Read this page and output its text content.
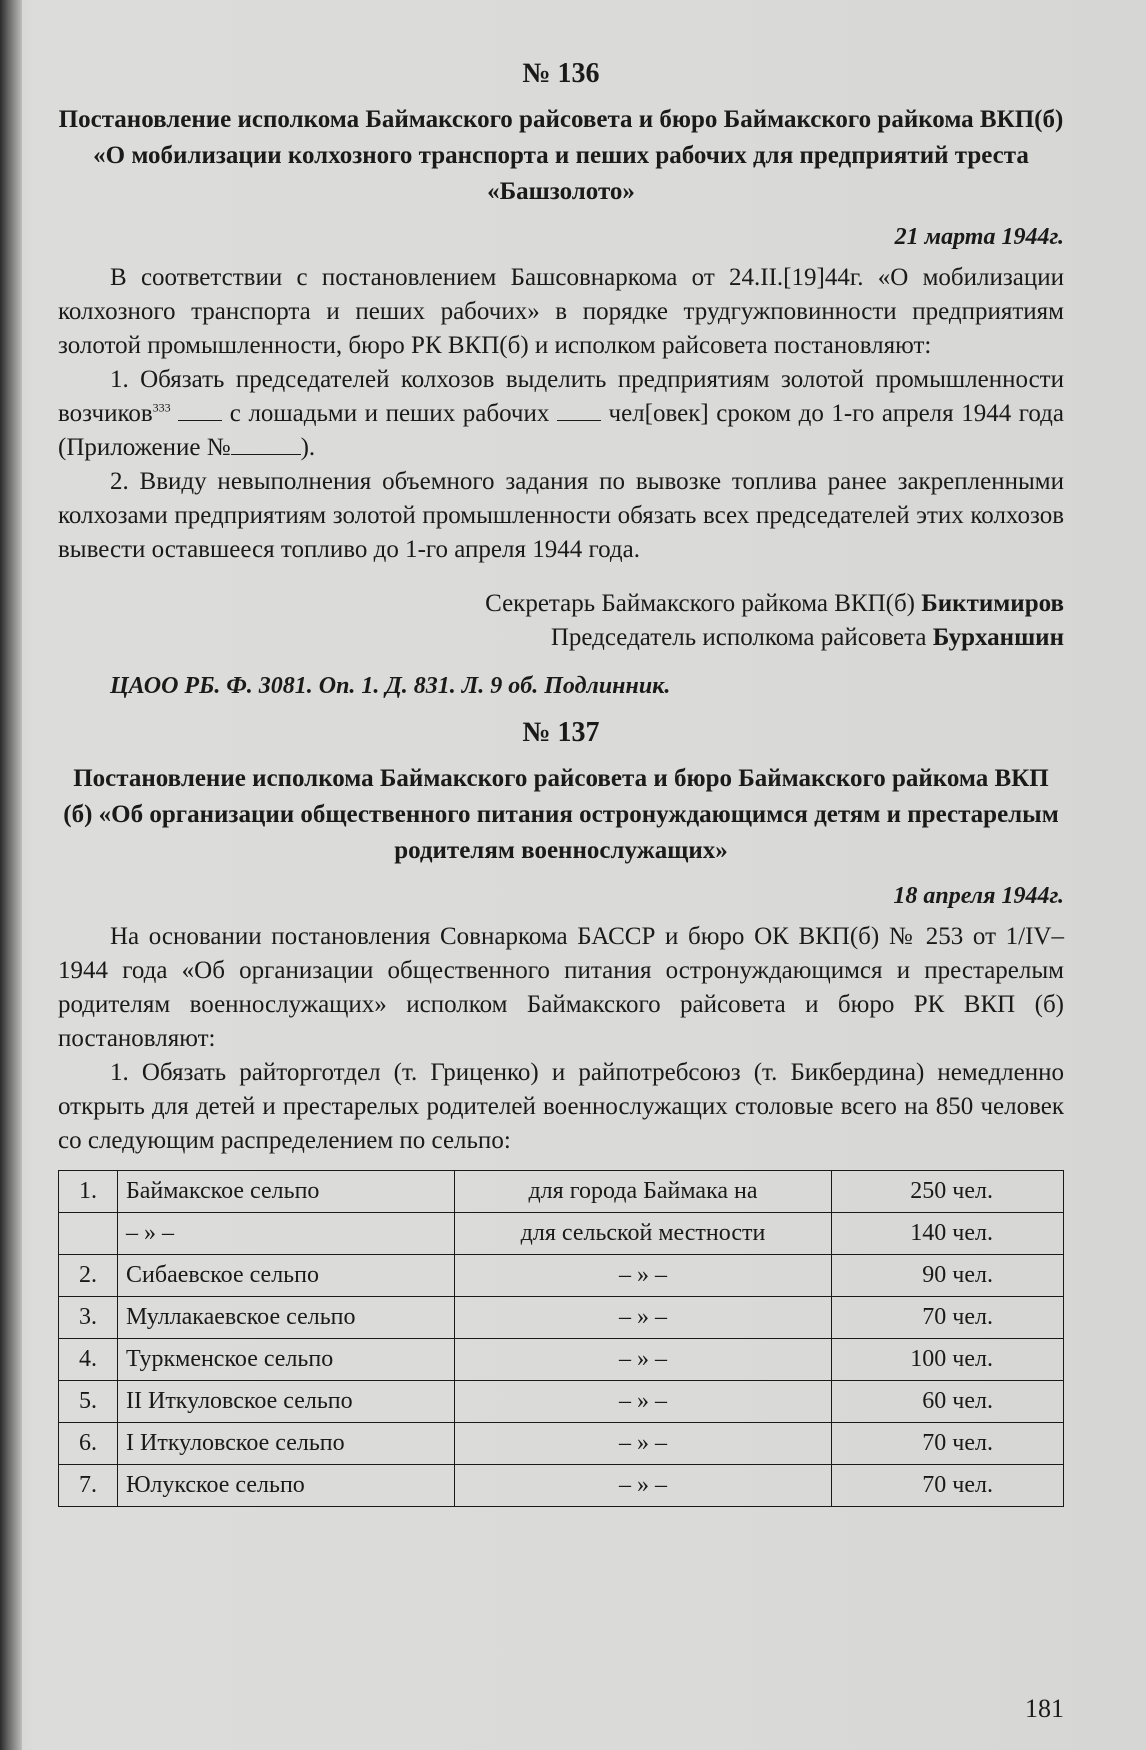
№ 136
Постановление исполкома Баймакского райсовета и бюро Баймакского райкома ВКП(б) «О мобилизации колхозного транспорта и пеших рабочих для предприятий треста «Башзолото»
21 марта 1944г.

В соответствии с постановлением Башсовнаркома от 24.II.[19]44г. «О мобилизации колхозного транспорта и пеших рабочих» в порядке трудгужповинности предприятиям золотой промышленности, бюро РК ВКП(б) и исполком райсовета постановляют:

1. Обязать председателей колхозов выделить предприятиям золотой промышленности возчиков$^{333}$ с лошадьми и пеших рабочих чел[овек] сроком до 1-го апреля 1944 года (Приложение №	).

2. Ввиду невыполнения объемного задания по вывозке топлива ранее закрепленными колхозами предприятиям золотой промышленности обязать всех председателей этих колхозов вывести оставшееся топливо до 1-го апреля 1944 года.

Секретарь Баймакского райкома ВКП(б) Биктимиров
Председатель исполкома райсовета Бурханшин
ЦАОО РБ. Ф. 3081. Оп. 1. Д. 831. Л. 9 об. Подлинник.
№ 137
Постановление исполкома Баймакского райсовета и бюро Баймакского райкома ВКП (б) «Об организации общественного питания остронуждающимся детям и престарелым родителям военнослужащих»
18 апреля 1944г.

На основании постановления Совнаркома БАССР и бюро ОК ВКП(б) № 253 от 1/IV–1944 года «Об организации общественного питания остронуждающимся и престарелым родителям военнослужащих» исполком Баймакского райсовета и бюро РК ВКП (б) постановляют:

1. Обязать райторготдел (т. Гриценко) и райпотребсоюз (т. Бикбердина) немедленно открыть для детей и престарелых родителей военнослужащих столовые всего на 850 человек со следующим распределением по сельпо:

1.	Баймакское сельпо	для города Баймака на	250 чел.
	– » –	для сельской местности	140 чел.
2.	Сибаевское сельпо	– » –	90 чел.
3.	Муллакаевское сельпо	– » –	70 чел.
4.	Туркменское сельпо	– » –	100 чел.
5.	II Иткуловское сельпо	– » –	60 чел.
6.	I Иткуловское сельпо	– » –	70 чел.
7.	Юлукское сельпо	– » –	70 чел.
181
